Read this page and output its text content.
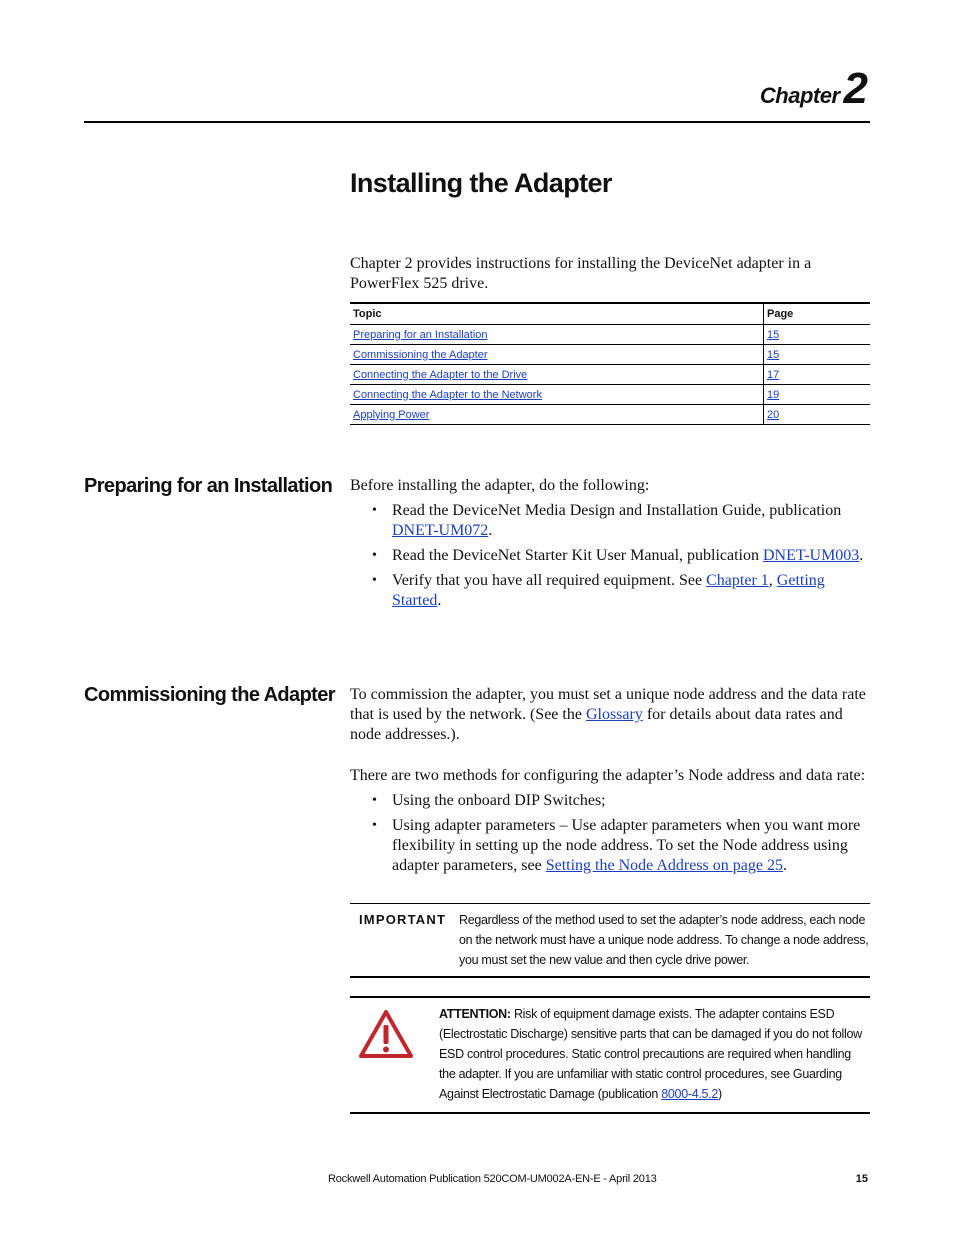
Chapter2
Installing the Adapter

Chapter 2 provides instructions for installing the DeviceNet adapter in a PowerFlex 525 drive.

Topic	Page
Preparing for an Installation	15
Commissioning the Adapter	15
Connecting the Adapter to the Drive	17
Connecting the Adapter to the Network	19
Applying Power	20
Preparing for an Installation Before installing the adapter, do the following:

• Read the DeviceNet Media Design and Installation Guide, publication DNET-UM072.
• Read the DeviceNet Starter Kit User Manual, publication DNET-UM003.
• Verify that you have all required equipment. See Chapter 1, Getting Started.
Commissioning the Adapter To commission the adapter, you must set a unique node address and the data rate that is used by the network. (See the Glossary for details about data rates and node addresses.).

There are two methods for configuring the adapter’s Node address and data rate:

• Using the onboard DIP Switches;
• Using adapter parameters – Use adapter parameters when you want more flexibility in setting up the node address. To set the Node address using adapter parameters, see Setting the Node Address on page 25.
IMPORTANT Regardless of the method used to set the adapter’s node address, each node on the network must have a unique node address. To change a node address, you must set the new value and then cycle drive power.
ATTENTION: Risk of equipment damage exists. The adapter contains ESD (Electrostatic Discharge) sensitive parts that can be damaged if you do not follow ESD control procedures. Static control precautions are required when handling the adapter. If you are unfamiliar with static control procedures, see Guarding Against Electrostatic Damage (publication 8000-4.5.2)
Rockwell Automation Publication 520COM-UM002A-EN-E - April 2013	15
